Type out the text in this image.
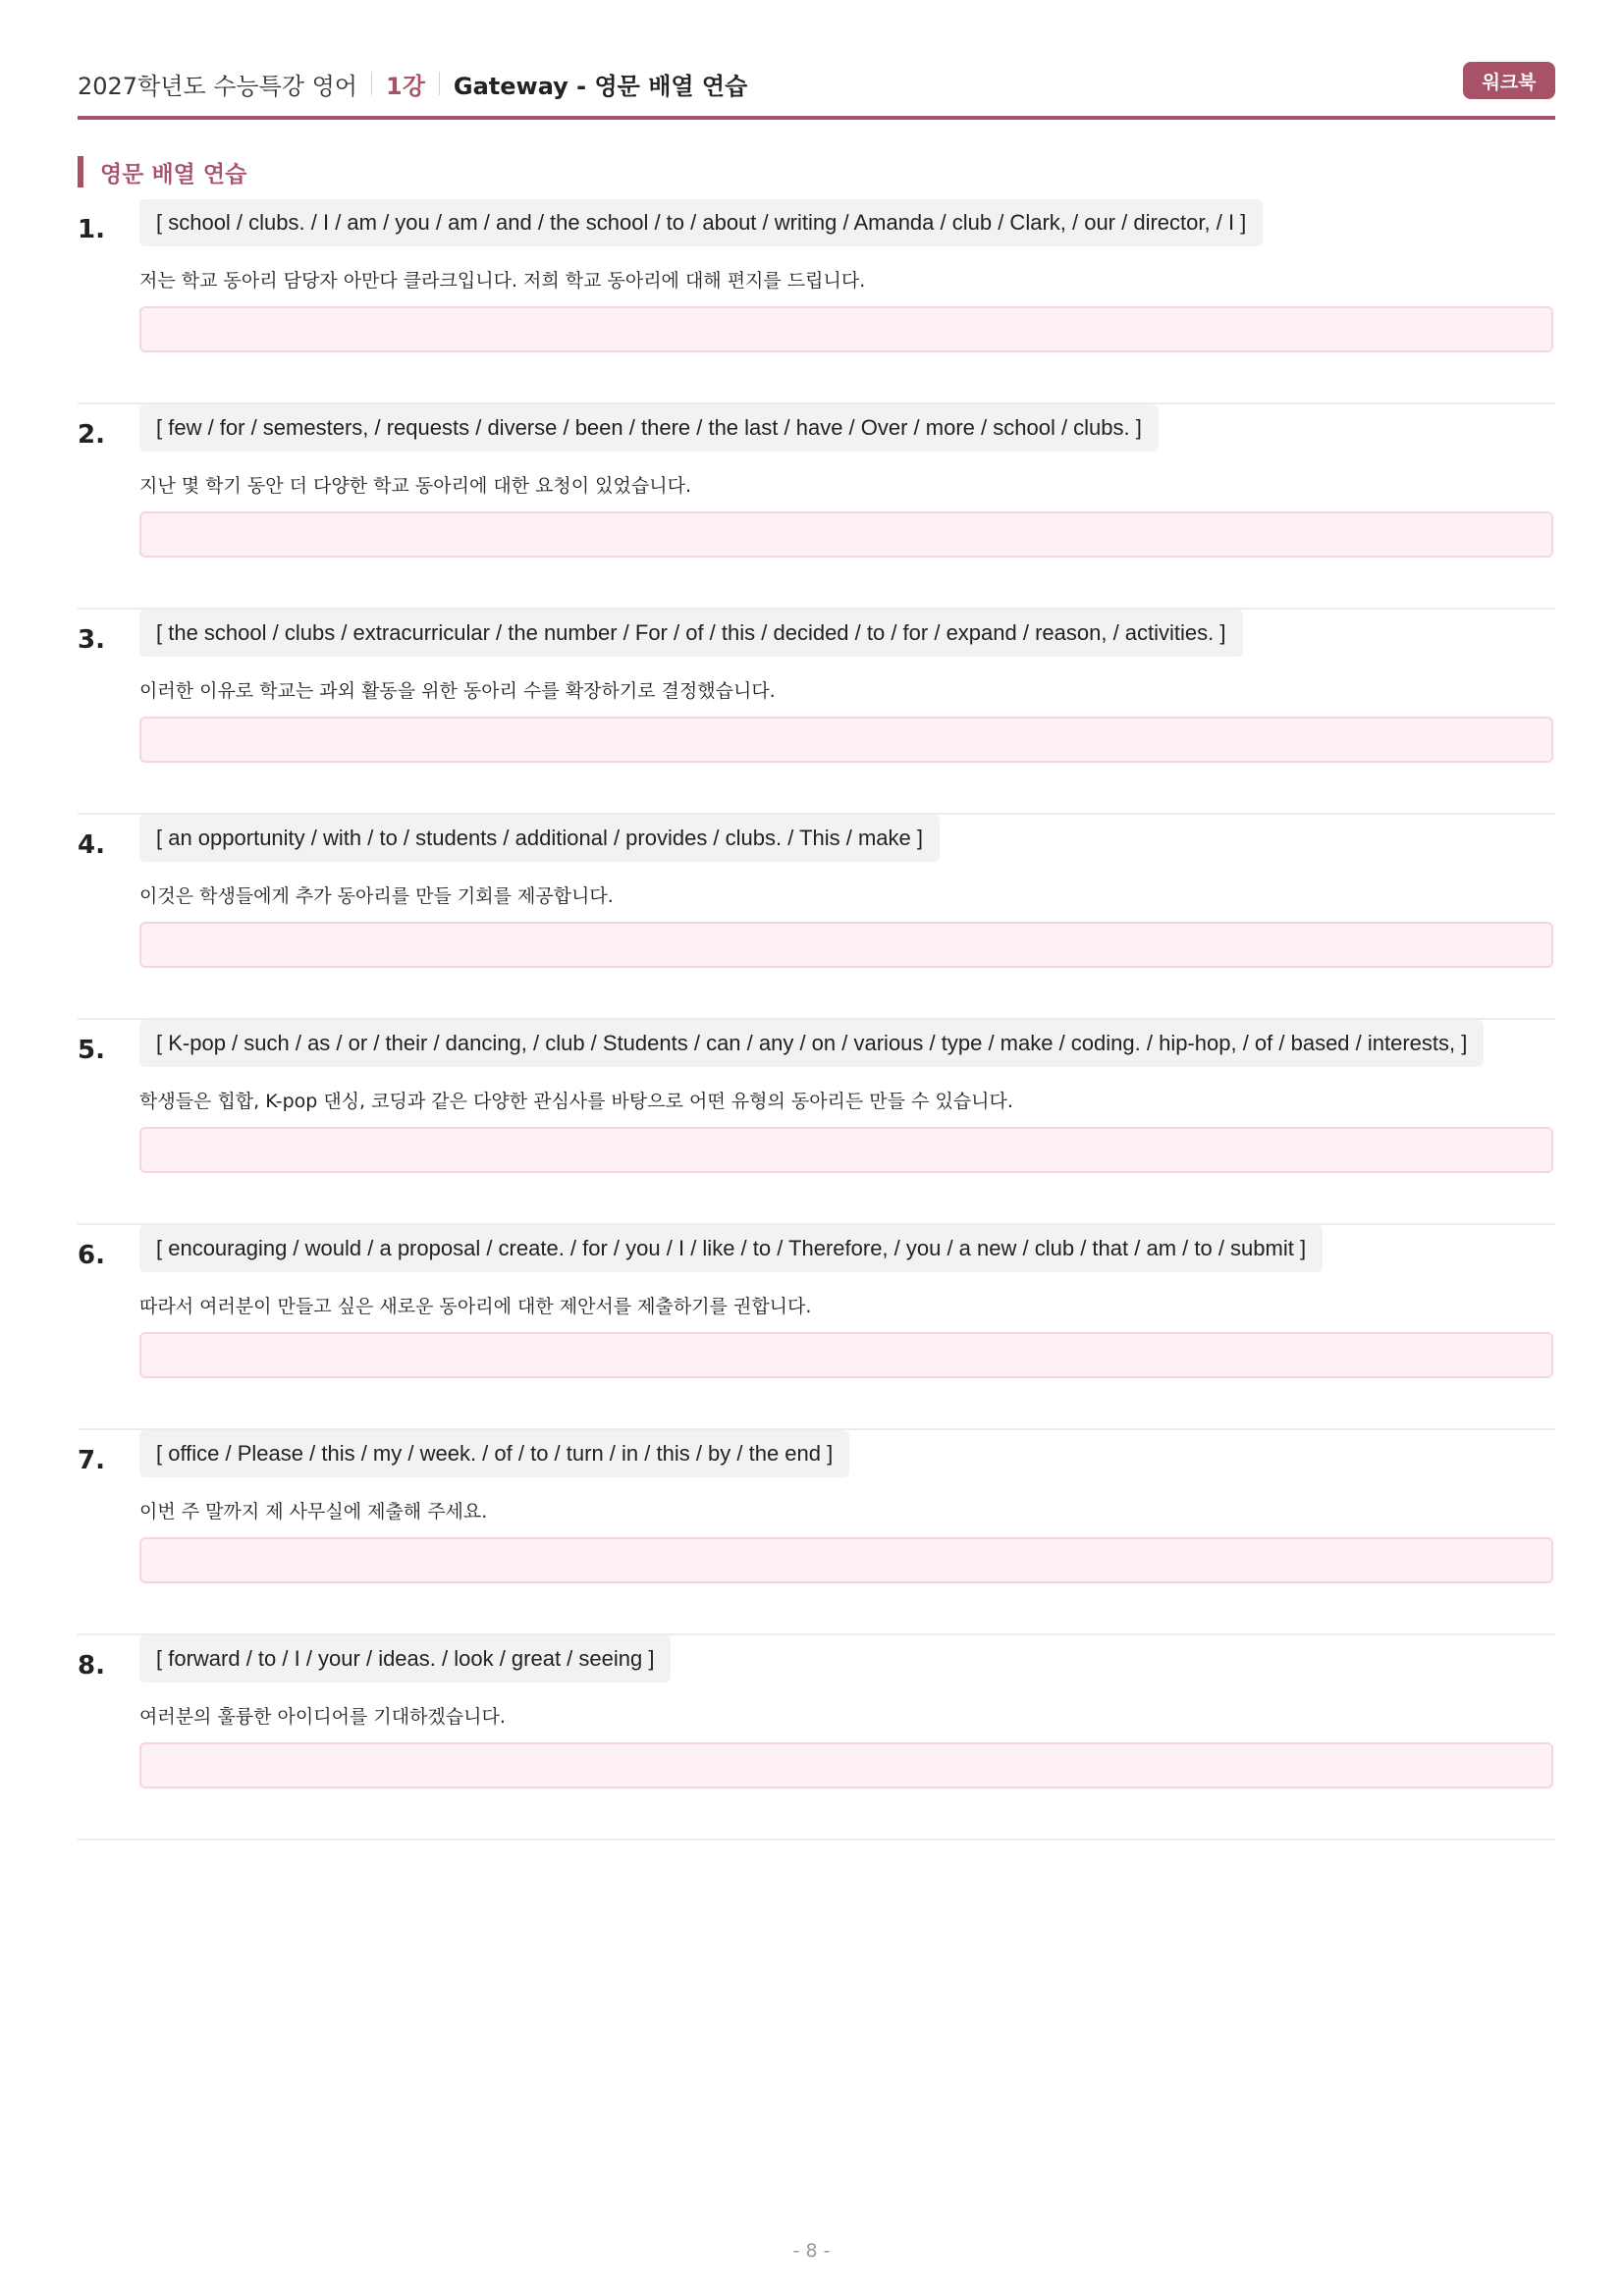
2027학년도 수능특강 영어 1강 Gateway - 영문 배열 연습	워크북
영문 배열 연습
1.	[ school / clubs. / I / am / you / am / and / the school / to / about / writing / Amanda / club / Clark, / our / director, / I ]
저는 학교 동아리 담당자 아만다 클라크입니다. 저희 학교 동아리에 대해 편지를 드립니다.
2.	[ few / for / semesters, / requests / diverse / been / there / the last / have / Over / more / school / clubs. ]
지난 몇 학기 동안 더 다양한 학교 동아리에 대한 요청이 있었습니다.
3.	[ the school / clubs / extracurricular / the number / For / of / this / decided / to / for / expand / reason, / activities. ]
이러한 이유로 학교는 과외 활동을 위한 동아리 수를 확장하기로 결정했습니다.
4.	[ an opportunity / with / to / students / additional / provides / clubs. / This / make ]
이것은 학생들에게 추가 동아리를 만들 기회를 제공합니다.
5.	[ K-pop / such / as / or / their / dancing, / club / Students / can / any / on / various / type / make / coding. / hip-hop, / of / based / interests, ]
학생들은 힙합, K-pop 댄싱, 코딩과 같은 다양한 관심사를 바탕으로 어떤 유형의 동아리든 만들 수 있습니다.
6.	[ encouraging / would / a proposal / create. / for / you / I / like / to / Therefore, / you / a new / club / that / am / to / submit ]
따라서 여러분이 만들고 싶은 새로운 동아리에 대한 제안서를 제출하기를 권합니다.
7.	[ office / Please / this / my / week. / of / to / turn / in / this / by / the end ]
이번 주 말까지 제 사무실에 제출해 주세요.
8.	[ forward / to / I / your / ideas. / look / great / seeing ]
여러분의 훌륭한 아이디어를 기대하겠습니다.
- 8 -
